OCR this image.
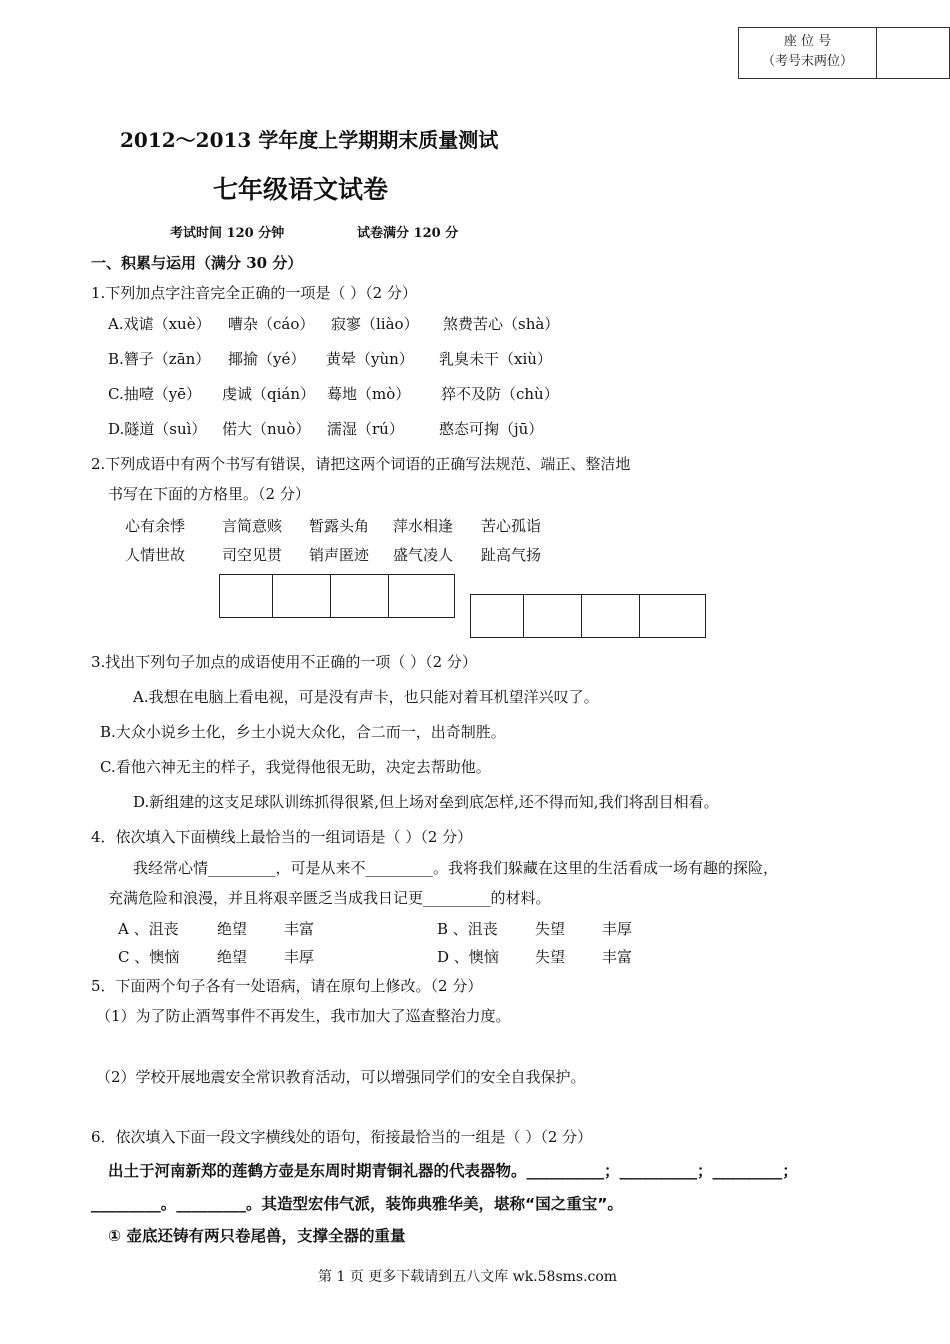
座 位 号
（考号末两位）
2012～2013 学年度上学期期末质量测试
七年级语文试卷
考试时间 120 分钟	试卷满分 120 分
一、积累与运用（满分 30 分）
1.下列加点字注音完全正确的一项是（ ）（2 分）
A.戏谑（xuè） 嘈杂（cáo） 寂寥（liào） 煞费苦心（shà）
B.簪子（zān） 揶揄（yé） 黄晕（yùn） 乳臭未干（xiù）
C.抽噎（yē） 虔诚（qián） 蓦地（mò） 猝不及防（chù）
D.隧道（suì） 偌大（nuò） 濡湿（rú） 憨态可掬（jū）
2.下列成语中有两个书写有错误，请把这两个词语的正确写法规范、端正、整洁地
书写在下面的方格里。（2 分）
心有余悸 言简意赅 暂露头角 萍水相逢 苦心孤诣
人情世故 司空见贯 销声匿迹 盛气凌人 趾高气扬
3.找出下列句子加点的成语使用不正确的一项（ ）（2 分）
A.我想在电脑上看电视，可是没有声卡，也只能对着耳机望洋兴叹了。
B.大众小说乡土化，乡土小说大众化，合二而一，出奇制胜。
C.看他六神无主的样子，我觉得他很无助，决定去帮助他。
D.新组建的这支足球队训练抓得很紧,但上场对垒到底怎样,还不得而知,我们将刮目相看。
4．依次填入下面横线上最恰当的一组词语是（ ）（2 分）
我经常心情_________，可是从来不_________。我将我们躲藏在这里的生活看成一场有趣的探险，
充满危险和浪漫，并且将艰辛匮乏当成我日记更_________的材料。
A 、沮丧	绝望 丰富	B 、沮丧 失望 丰厚
C 、懊恼	绝望 丰厚	D 、懊恼 失望 丰富
5．下面两个句子各有一处语病，请在原句上修改。（2 分）
（1）为了防止酒驾事件不再发生，我市加大了巡查整治力度。
（2）学校开展地震安全常识教育活动，可以增强同学们的安全自我保护。
6．依次填入下面一段文字横线处的语句，衔接最恰当的一组是（ ）（2 分）
出土于河南新郑的莲鹤方壶是东周时期青铜礼器的代表器物。__________；__________；_________；
_________。_________。其造型宏伟气派，装饰典雅华美，堪称“国之重宝”。
① 壶底还铸有两只卷尾兽，支撑全器的重量
第 1 页 更多下载请到五八文库 wk.58sms.com
